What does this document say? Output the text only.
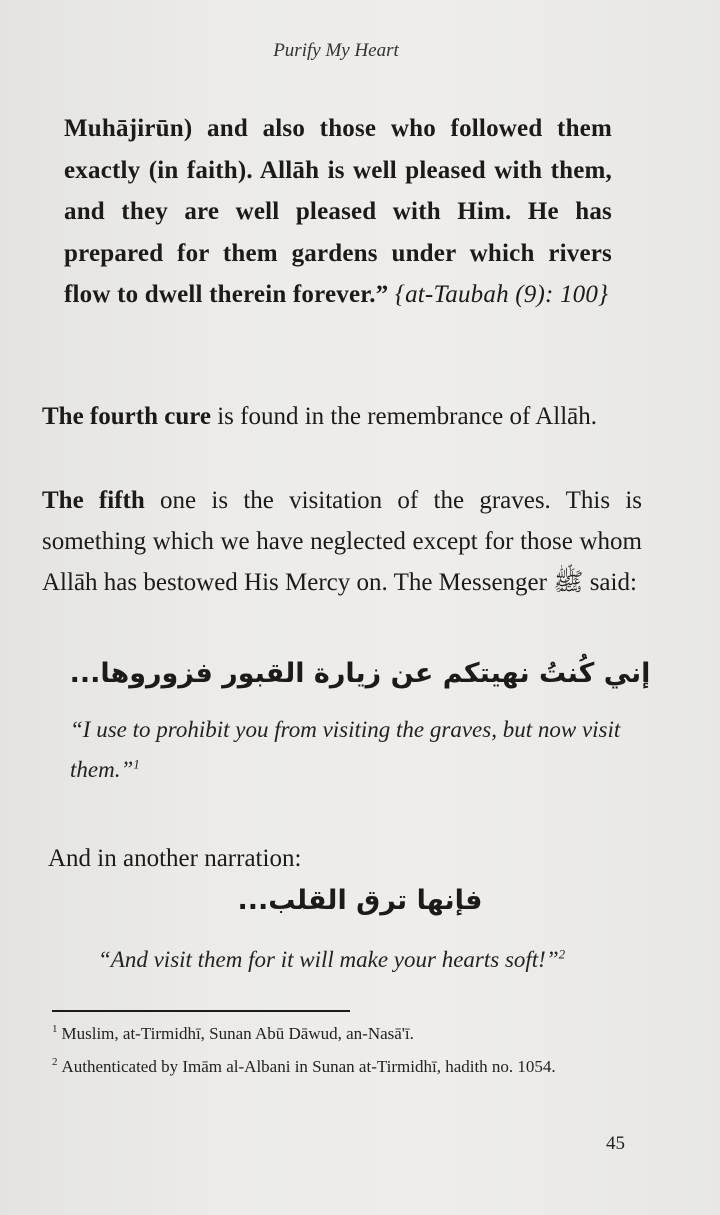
Purify My Heart
Muhājirūn) and also those who followed them exactly (in faith). Allāh is well pleased with them, and they are well pleased with Him. He has prepared for them gardens under which rivers flow to dwell therein forever.” {at-Taubah (9): 100}
The fourth cure is found in the remembrance of Allāh.
The fifth one is the visitation of the graves. This is something which we have neglected except for those whom Allāh has bestowed His Mercy on. The Messenger ﷺ said:
إني كُنتُ نهيتكم عن زيارة القبور فزوروها...
“I use to prohibit you from visiting the graves, but now visit them.”$^1$
And in another narration:
فإنها ترق القلب...
“And visit them for it will make your hearts soft!”$^2$
$^1$ Muslim, at-Tirmidhī, Sunan Abū Dāwud, an-Nasā'ī.
$^2$ Authenticated by Imām al-Albani in Sunan at-Tirmidhī, hadith no. 1054.
45
